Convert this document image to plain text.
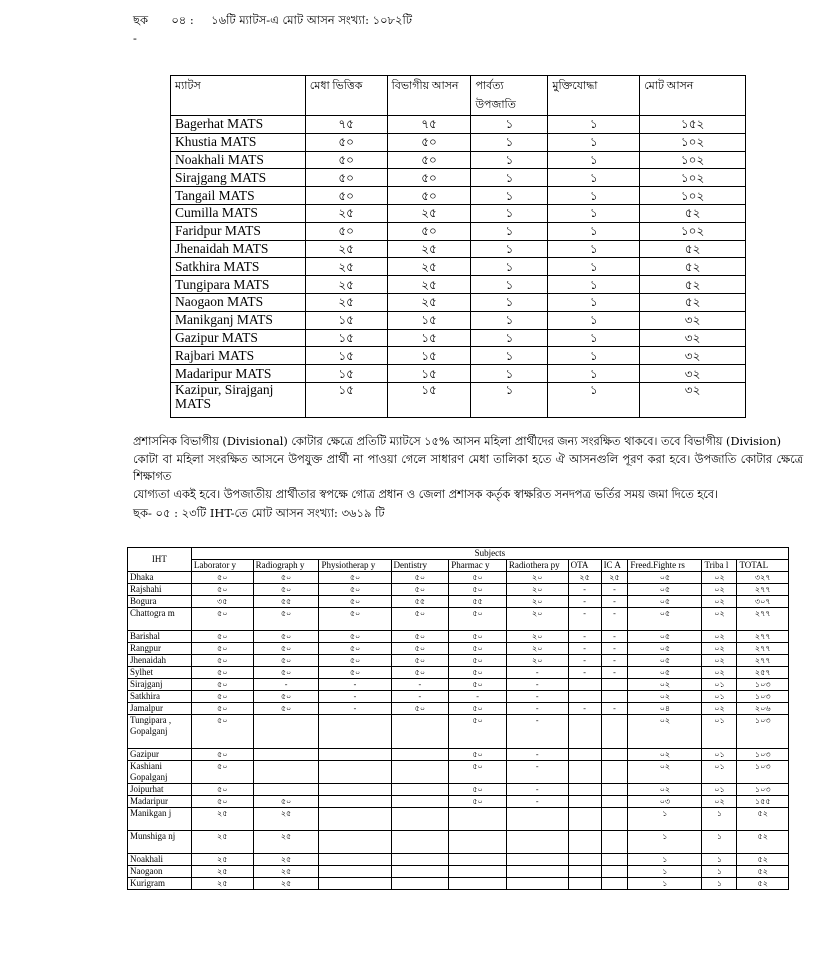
ছক ০৪ : ১৬টি ম্যাটস-এ মোট আসন সংখ্যা: ১০৮২টি
-
ম্যাটস	মেধা ভিত্তিক	বিভাগীয় আসন	পার্বত্য উপজাতি	মুক্তিযোদ্ধা	মোট আসন
Bagerhat MATS	৭৫	৭৫	১	১	১৫২
Khustia MATS	৫০	৫০	১	১	১০২
Noakhali MATS	৫০	৫০	১	১	১০২
Sirajgang MATS	৫০	৫০	১	১	১০২
Tangail MATS	৫০	৫০	১	১	১০২
Cumilla MATS	২৫	২৫	১	১	৫২
Faridpur MATS	৫০	৫০	১	১	১০২
Jhenaidah MATS	২৫	২৫	১	১	৫২
Satkhira MATS	২৫	২৫	১	১	৫২
Tungipara MATS	২৫	২৫	১	১	৫২
Naogaon MATS	২৫	২৫	১	১	৫২
Manikganj MATS	১৫	১৫	১	১	৩২
Gazipur MATS	১৫	১৫	১	১	৩২
Rajbari MATS	১৫	১৫	১	১	৩২
Madaripur MATS	১৫	১৫	১	১	৩২
Kazipur, Sirajganj MATS	১৫	১৫	১	১	৩২
প্রশাসনিক বিভাগীয় (Divisional) কোটার ক্ষেত্রে প্রতিটি ম্যাটসে ১৫% আসন মহিলা প্রার্থীদের জন্য সংরক্ষিত থাকবে। তবে বিভাগীয় (Division)
কোটা বা মহিলা সংরক্ষিত আসনে উপযুক্ত প্রার্থী না পাওয়া গেলে সাধারণ মেধা তালিকা হতে ঐ আসনগুলি পূরণ করা হবে। উপজাতি কোটার ক্ষেত্রে শিক্ষাগত
যোগ্যতা একই হবে। উপজাতীয় প্রার্থীতার স্বপক্ষে গোত্র প্রধান ও জেলা প্রশাসক কর্তৃক স্বাক্ষরিত সনদপত্র ভর্তির সময় জমা দিতে হবে।
ছক- ০৫ : ২৩টি IHT-তে মোট আসন সংখ্যা: ৩৬১৯ টি
IHT	Subjects										
	Laborator y	Radiograph y	Physiotherap y	Dentistry	Pharmac y	Radiothera py	OTA	IC A	Freed.Fighte rs	Triba l	TOTAL
Dhaka	৫০	৫০	৫০	৫০	৫০	২০	২৫	২৫	০৫	০২	৩২৭
Rajshahi	৫০	৫০	৫০	৫০	৫০	২০	-	-	০৫	০২	২৭৭
Bogura	৩৫	৫৫	৫০	৫৫	৫৫	২০	-	-	০৫	০২	৩০৭
Chattogra m	৫০	৫০	৫০	৫০	৫০	২০	-	-	০৫	০২	২৭৭
Barishal	৫০	৫০	৫০	৫০	৫০	২০	-	-	০৫	০২	২৭৭
Rangpur	৫০	৫০	৫০	৫০	৫০	২০	-	-	০৫	০২	২৭৭
Jhenaidah	৫০	৫০	৫০	৫০	৫০	২০	-	-	০৫	০২	২৭৭
Sylhet	৫০	৫০	৫০	৫০	৫০	-	-	-	০৫	০২	২৫৭
Sirajganj	৫০	-	-	-	৫০	-			০২	০১	১০৩
Satkhira	৫০	৫০	-	-	-	-			০২	০১	১০৩
Jamalpur	৫০	৫০	-	৫০	৫০	-	-	-	০৪	০২	২০৬
Tungipara , Gopalganj	৫০				৫০	-			০২	০১	১০৩
Gazipur	৫০				৫০	-			০২	০১	১০৩
Kashiani Gopalganj	৫০				৫০	-			০২	০১	১০৩
Joipurhat	৫০				৫০	-			০২	০১	১০৩
Madaripur	৫০	৫০			৫০	-			০৩	০২	১৫৫
Manikgan j	২৫	২৫							১	১	৫২
Munshiga nj	২৫	২৫							১	১	৫২
Noakhali	২৫	২৫							১	১	৫২
Naogaon	২৫	২৫							১	১	৫২
Kurigram	২৫	২৫							১	১	৫২
